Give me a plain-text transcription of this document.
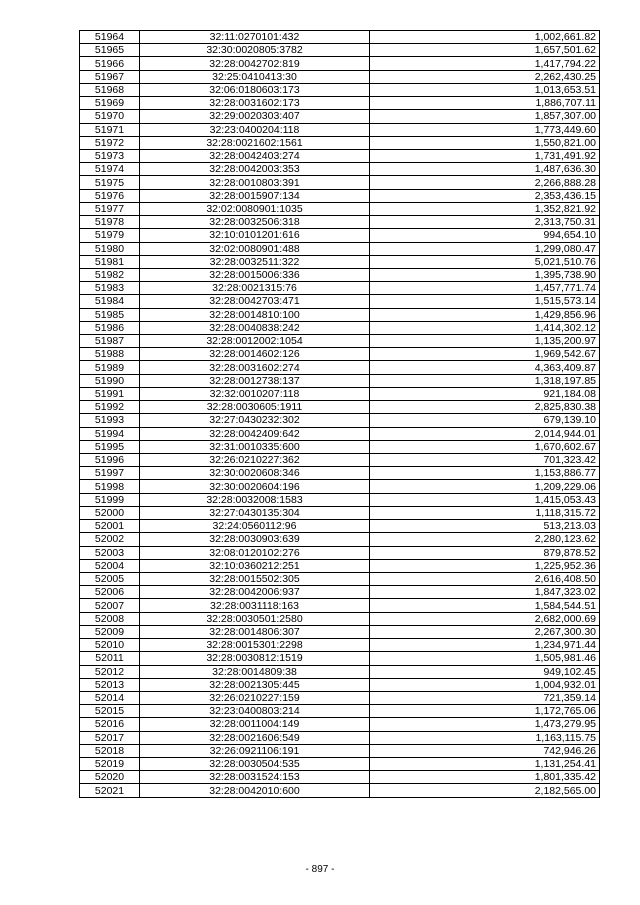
51964	32:11:0270101:432	1,002,661.82
51965	32:30:0020805:3782	1,657,501.62
51966	32:28:0042702:819	1,417,794.22
51967	32:25:0410413:30	2,262,430.25
51968	32:06:0180603:173	1,013,653.51
51969	32:28:0031602:173	1,886,707.11
51970	32:29:0020303:407	1,857,307.00
51971	32:23:0400204:118	1,773,449.60
51972	32:28:0021602:1561	1,550,821.00
51973	32:28:0042403:274	1,731,491.92
51974	32:28:0042003:353	1,487,636.30
51975	32:28:0010803:391	2,266,888.28
51976	32:28:0015907:134	2,353,436.15
51977	32:02:0080901:1035	1,352,821.92
51978	32:28:0032506:318	2,313,750.31
51979	32:10:0101201:616	994,654.10
51980	32:02:0080901:488	1,299,080.47
51981	32:28:0032511:322	5,021,510.76
51982	32:28:0015006:336	1,395,738.90
51983	32:28:0021315:76	1,457,771.74
51984	32:28:0042703:471	1,515,573.14
51985	32:28:0014810:100	1,429,856.96
51986	32:28:0040838:242	1,414,302.12
51987	32:28:0012002:1054	1,135,200.97
51988	32:28:0014602:126	1,969,542.67
51989	32:28:0031602:274	4,363,409.87
51990	32:28:0012738:137	1,318,197.85
51991	32:32:0010207:118	921,184.08
51992	32:28:0030605:1911	2,825,830.38
51993	32:27:0430232:302	679,139.10
51994	32:28:0042409:642	2,014,944.01
51995	32:31:0010335:600	1,670,602.67
51996	32:26:0210227:362	701,323.42
51997	32:30:0020608:346	1,153,886.77
51998	32:30:0020604:196	1,209,229.06
51999	32:28:0032008:1583	1,415,053.43
52000	32:27:0430135:304	1,118,315.72
52001	32:24:0560112:96	513,213.03
52002	32:28:0030903:639	2,280,123.62
52003	32:08:0120102:276	879,878.52
52004	32:10:0360212:251	1,225,952.36
52005	32:28:0015502:305	2,616,408.50
52006	32:28:0042006:937	1,847,323.02
52007	32:28:0031118:163	1,584,544.51
52008	32:28:0030501:2580	2,682,000.69
52009	32:28:0014806:307	2,267,300.30
52010	32:28:0015301:2298	1,234,971.44
52011	32:28:0030812:1519	1,505,981.46
52012	32:28:0014809:38	949,102.45
52013	32:28:0021305:445	1,004,932.01
52014	32:26:0210227:159	721,359.14
52015	32:23:0400803:214	1,172,765.06
52016	32:28:0011004:149	1,473,279.95
52017	32:28:0021606:549	1,163,115.75
52018	32:26:0921106:191	742,946.26
52019	32:28:0030504:535	1,131,254.41
52020	32:28:0031524:153	1,801,335.42
52021	32:28:0042010:600	2,182,565.00
- 897 -
